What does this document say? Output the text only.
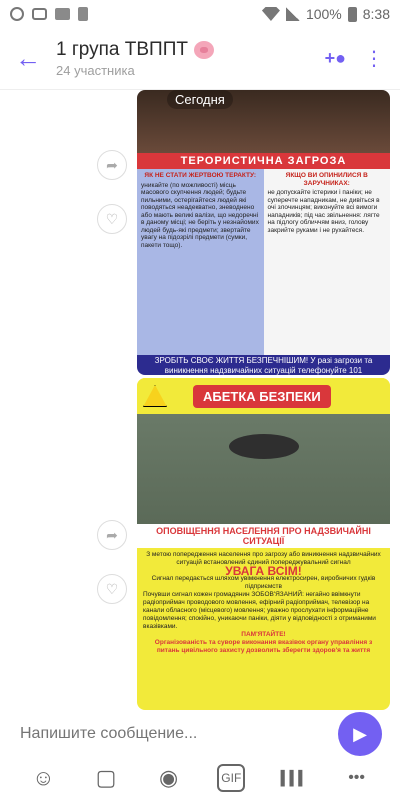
100% 8:38
← 1 група ТВППТ
24 участника
+● ⋮
➦
♡
Сегодня
ТЕРОРИСТИЧНА ЗАГРОЗА
ЯК НЕ СТАТИ ЖЕРТВОЮ ТЕРАКТУ:
уникайте (по можливості) місць масового скупчення людей; будьте пильними, остерігайтеся людей які поводяться неадекватно, зневоднено або мають великі валізи, що недоречні в даному місці; не беріть у незнайомих людей будь-які предмети; звертайте увагу на підозрілі предмети (сумки, пакети тощо).
ЯКЩО ВИ ОПИНИЛИСЯ В ЗАРУЧНИКАХ:
не допускайте істерики і паніки; не суперечте нападникам, не дивіться в очі злочинцям; виконуйте всі вимоги нападників; під час звільнення: лягте на підлогу обличчям вниз, голову закрийте руками і не рухайтеся.
ЗРОБІТЬ СВОЄ ЖИТТЯ БЕЗПЕЧНІШИМ! У разі загрози та виникнення надзвичайних ситуацій телефонуйте 101
➦
♡
АБЕТКА БЕЗПЕКИ
ОПОВІЩЕННЯ НАСЕЛЕННЯ ПРО НАДЗВИЧАЙНІ СИТУАЦІЇ
З метою попередження населення про загрозу або виникнення надзвичайних ситуацій встановлений єдиний попереджувальний сигнал
УВАГА ВСІМ!
Сигнал передається шляхом увімкнення електросирен, виробничих гудків підприємств
Почувши сигнал кожен громадянин ЗОБОВ'ЯЗАНИЙ: негайно ввімкнути радіоприймач проводового мовлення, ефірний радіоприймач, телевізор на канали обласного (місцевого) мовлення; уважно прослухати інформаційне повідомлення; спокійно, уникаючи паніки, діяти у відповідності з отриманими вказівками.
ПАМ'ЯТАЙТЕ!
Організованість та суворе виконання вказівок органу управління з питань цивільного захисту дозволить зберегти здоров'я та життя
Напишите сообщение...
▶
☺
▢
◉
GIF
▍▍▍
•••
